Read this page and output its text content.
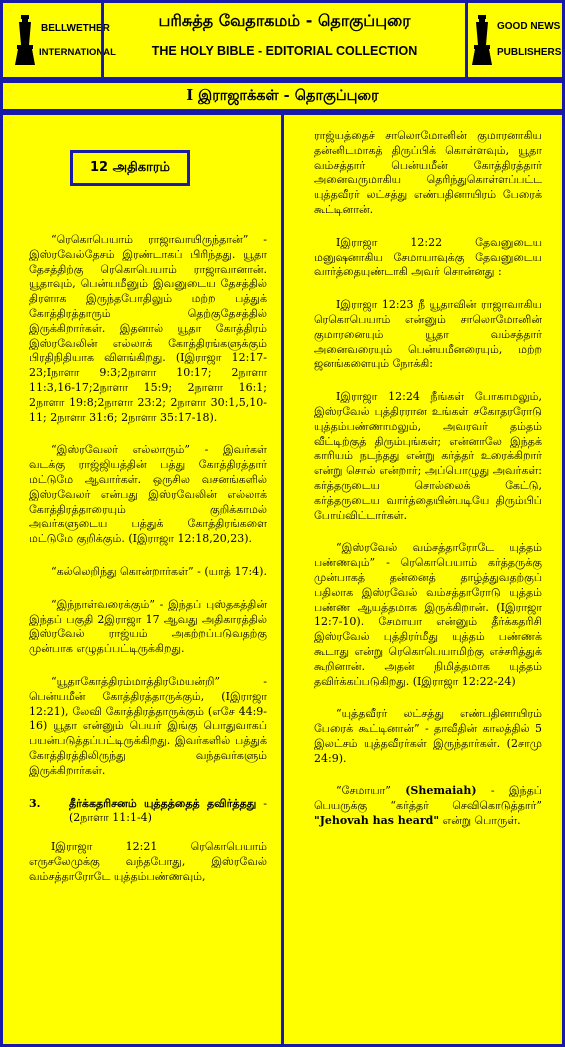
BELLWETHER
INTERNATIONAL
பரிசுத்த வேதாகமம் - தொகுப்புரை
THE HOLY BIBLE - EDITORIAL COLLECTION
GOOD NEWS
PUBLISHERS
I இராஜாக்கள் - தொகுப்புரை
12 அதிகாரம்

“ரெகொபெயாம் ராஜாவாயிருந்தான்” - இஸ்ரவேல்தேசம் இரண்டாகப் பிரிந்தது. யூதா தேசத்திற்கு ரெகொபெயாம் ராஜாவானான். யூதாவும், பென்யமீனும் இவனுடைய தேசத்தில் திரளாக இருந்தபோதிலும் மற்ற பத்துக் கோத்திரத்தாரும் தெற்குதேசத்தில் இருக்கிறார்கள். இதனால் யூதா கோத்திரம் இஸ்ரவேலின் எல்லாக் கோத்திரங்களுக்கும் பிரதிநிதியாக விளங்கிறது. (Iஇராஜா 12:17-23;Iநாளா 9:3;2நாளா 10:17; 2நாளா 11:3,16-17;2நாளா 15:9; 2நாளா 16:1; 2நாளா 19:8;2நாளா 23:2; 2நாளா 30:1,5,10-11; 2நாளா 31:6; 2நாளா 35:17-18).

“இஸ்ரவேலர் எல்லாரும்” - இவர்கள் வடக்கு ராஜ்ஜியத்தின் பத்து கோத்திரத்தார் மட்டுமே ஆவார்கள். ஒருசில வசனங்களில் இஸ்ரவேலர் என்பது இஸ்ரவேலின் எல்லாக் கோத்திரத்தாரையும் குறிக்காமல் அவர்களுடைய பத்துக் கோத்திரங்களை மட்டுமே குறிக்கும். (Iஇராஜா 12:18,20,23).

“கல்லெறிந்து கொன்றார்கள்” - (யாத் 17:4).

“இந்நாள்வரைக்கும்” - இந்தப் புஸ்தகத்தின் இந்தப் பகுதி 2இராஜா 17 ஆவது அதிகாரத்தில் இஸ்ரவேல் ராஜ்யம் அகற்றப்படுவதற்கு முன்பாக எழுதப்பட்டிருக்கிறது.

“யூதாகோத்திரம்மாத்திரமேயன்றி” - பென்யமீன் கோத்திரத்தாருக்கும், (Iஇராஜா 12:21), லேவி கோத்திரத்தாருக்கும் (எசே 44:9-16) யூதா என்னும் பெயர் இங்கு பொதுவாகப் பயன்படுத்தப்பட்டிருக்கிறது. இவர்களில் பத்துக் கோத்திரத்திலிருந்து வந்தவர்களும் இருக்கிறார்கள்.

3.	தீர்க்கதரிசனம் யுத்தத்தைத் தவிர்த்தது - (2நாளா 11:1-4)

Iஇராஜா 12:21 ரெகொபெயாம் எருசலேமுக்கு வந்தபோது, இஸ்ரவேல் வம்சத்தாரோடே யுத்தம்பண்ணவும்,

ராஜ்யத்தைச் சாலொமோனின் குமாரனாகிய தன்னிடமாகத் திருப்பிக் கொள்ளவும், யூதா வம்சத்தார் பென்யமீன் கோத்திரத்தார் அனைவருமாகிய தெரிந்துகொள்ளப்பட்ட யுத்தவீரர் லட்சத்து எண்பதினாயிரம் பேரைக் கூட்டினான்.

Iஇராஜா 12:22 தேவனுடைய மனுஷனாகிய சேமாயாவுக்கு தேவனுடைய வார்த்தையுண்டாகி அவர் சொன்னது :

Iஇராஜா 12:23 நீ யூதாவின் ராஜாவாகிய ரெகொபெயாம் என்னும் சாலொமோனின் குமாரனையும் யூதா வம்சத்தார் அனைவரையும் பென்யமீனரையும், மற்ற ஜனங்களையும் நோக்கி:

Iஇராஜா 12:24 நீங்கள் போகாமலும், இஸ்ரவேல் புத்திரரான உங்கள் சகோதரரோடு யுத்தம்பண்ணாமலும், அவரவர் தம்தம் வீட்டிற்குத் திரும்புங்கள்; என்னாலே இந்தக் காரியம் நடந்தது என்று கர்த்தர் உரைக்கிறார் என்று சொல் என்றார்; அப்பொழுது அவர்கள்: கர்த்தருடைய சொல்லைக் கேட்டு, கர்த்தருடைய வார்த்தையின்படியே திரும்பிப் போய்விட்டார்கள்.

“இஸ்ரவேல் வம்சத்தாரோடே யுத்தம் பண்ணவும்” - ரெகொபெயாம் கர்த்தருக்கு முன்பாகத் தன்னைத் தாழ்த்துவதற்குப் பதிலாக இஸ்ரவேல் வம்சத்தாரோடு யுத்தம் பண்ண ஆயத்தமாக இருக்கிறான். (Iஇராஜா 12:7-10). சேமாயா என்னும் தீர்க்கதரிசி இஸ்ரவேல் புத்திரர்மீது யுத்தம் பண்ணக் கூடாது என்று ரெகொபெயாமிற்கு எச்சரித்துக் கூறினான். அதன் நிமித்தமாக யுத்தம் தவிர்க்கப்படுகிறது. (Iஇராஜா 12:22-24)

“யுத்தவீரர் லட்சத்து எண்பதினாயிரம் பேரைக் கூட்டினான்” - தாவீதின் காலத்தில் 5 இலட்சம் யுத்தவீரர்கள் இருந்தார்கள். (2சாமு 24:9).

“சேமாயா” (Shemaiah) - இந்தப் பெயருக்கு “கர்த்தர் செவிகொடுத்தார்” "Jehovah has heard" என்று பொருள்.
